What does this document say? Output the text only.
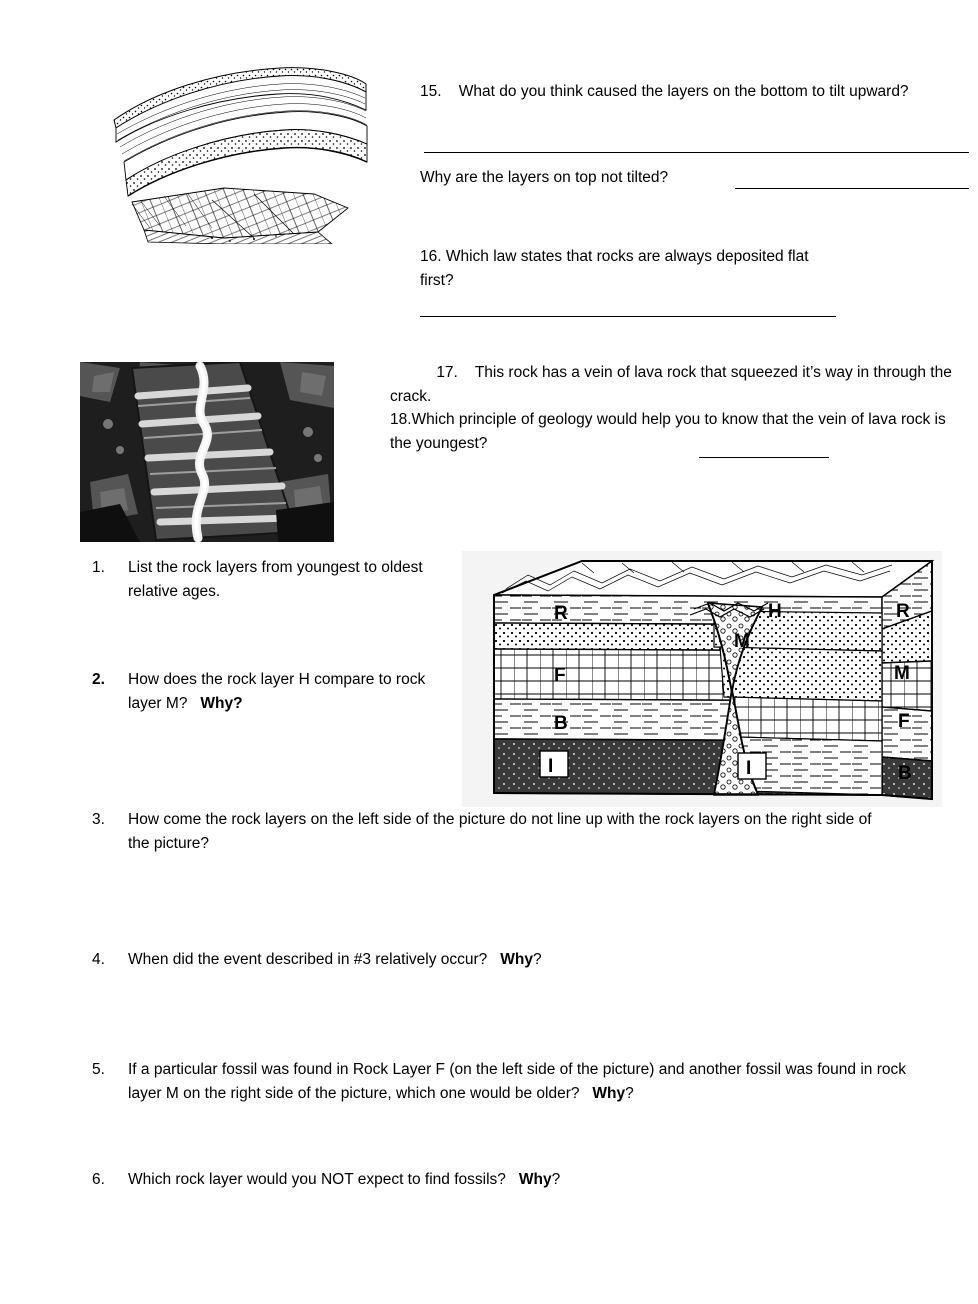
15. What do you think caused the layers on the bottom to tilt upward?
Why are the layers on top not tilted?
16. Which law states that rocks are always deposited flat first?
17. This rock has a vein of lava rock that squeezed it’s way in through the crack.
18.Which principle of geology would help you to know that the vein of lava rock is the youngest?
R
F
B
I
H
M
I
R
M
F
B
1.	List the rock layers from youngest to oldest relative ages.
2.	How does the rock layer H compare to rock layer M? Why?
3.	How come the rock layers on the left side of the picture do not line up with the rock layers on the right side of the picture?
4.	When did the event described in #3 relatively occur? Why?
5.	If a particular fossil was found in Rock Layer F (on the left side of the picture) and another fossil was found in rock layer M on the right side of the picture, which one would be older? Why?
6.	Which rock layer would you NOT expect to find fossils? Why?
